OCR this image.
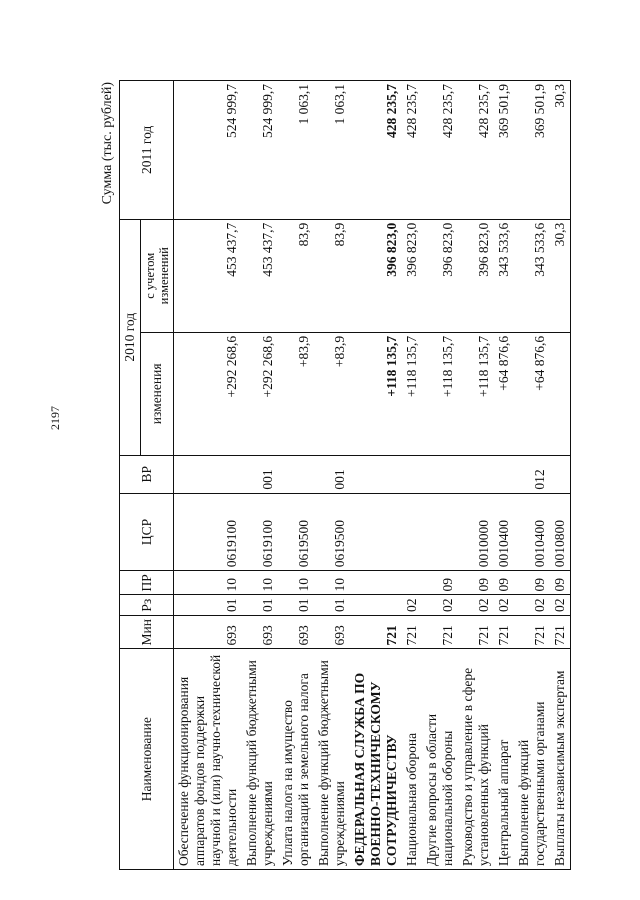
2197
Сумма (тыс. рублей)
Наименование	Мин	Рз	ПР	ЦСР	ВР	2010 год		2011 год
						изменения	с учетом изменений	
Обеспечение функционирования аппаратов фондов поддержки научной и (или) научно-технической деятельности	693	01	10	0619100		+292 268,6	453 437,7	524 999,7
Выполнение функций бюджетными учреждениями	693	01	10	0619100	001	+292 268,6	453 437,7	524 999,7
Уплата налога на имущество организаций и земельного налога	693	01	10	0619500		+83,9	83,9	1 063,1
Выполнение функций бюджетными учреждениями	693	01	10	0619500	001	+83,9	83,9	1 063,1
ФЕДЕРАЛЬНАЯ СЛУЖБА ПО ВОЕННО-ТЕХНИЧЕСКОМУ СОТРУДНИЧЕСТВУ	721					+118 135,7	396 823,0	428 235,7
Национальная оборона	721	02				+118 135,7	396 823,0	428 235,7
Другие вопросы в области национальной обороны	721	02	09			+118 135,7	396 823,0	428 235,7
Руководство и управление в сфере установленных функций	721	02	09	0010000		+118 135,7	396 823,0	428 235,7
Центральный аппарат	721	02	09	0010400		+64 876,6	343 533,6	369 501,9
Выполнение функций государственными органами	721	02	09	0010400	012	+64 876,6	343 533,6	369 501,9
Выплаты независимым экспертам	721	02	09	0010800			30,3	30,3
